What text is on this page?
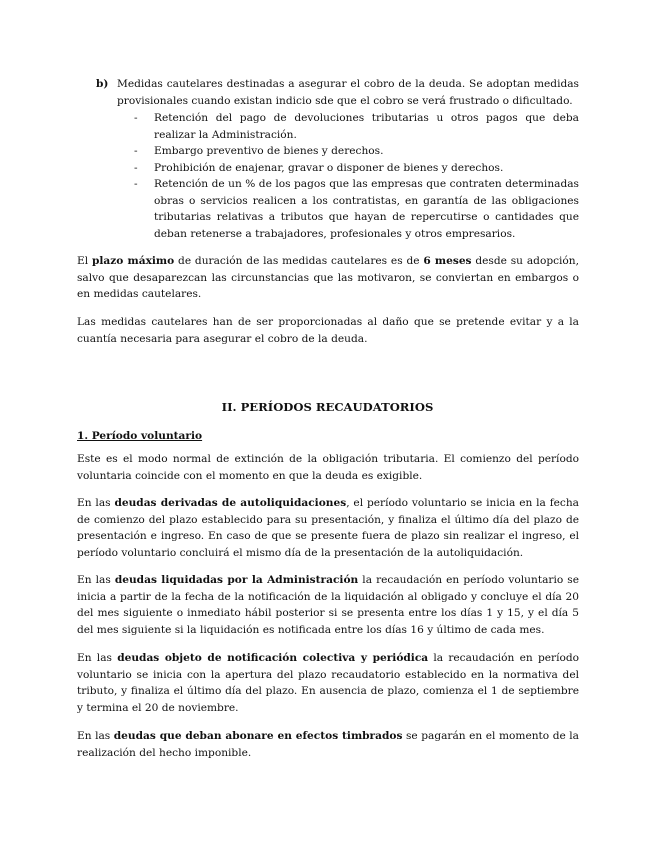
b) Medidas cautelares destinadas a asegurar el cobro de la deuda. Se adoptan medidas provisionales cuando existan indicio sde que el cobro se verá frustrado o dificultado.

- Retención del pago de devoluciones tributarias u otros pagos que deba realizar la Administración.
- Embargo preventivo de bienes y derechos.
- Prohibición de enajenar, gravar o disponer de bienes y derechos.
- Retención de un % de los pagos que las empresas que contraten determinadas obras o servicios realicen a los contratistas, en garantía de las obligaciones tributarias relativas a tributos que hayan de repercutirse o cantidades que deban retenerse a trabajadores, profesionales y otros empresarios.

El plazo máximo de duración de las medidas cautelares es de 6 meses desde su adopción, salvo que desaparezcan las circunstancias que las motivaron, se conviertan en embargos o en medidas cautelares.

Las medidas cautelares han de ser proporcionadas al daño que se pretende evitar y a la cuantía necesaria para asegurar el cobro de la deuda.

II. PERÍODOS RECAUDATORIOS
1. Período voluntario

Este es el modo normal de extinción de la obligación tributaria. El comienzo del período voluntaria coincide con el momento en que la deuda es exigible.

En las deudas derivadas de autoliquidaciones, el período voluntario se inicia en la fecha de comienzo del plazo establecido para su presentación, y finaliza el último día del plazo de presentación e ingreso. En caso de que se presente fuera de plazo sin realizar el ingreso, el período voluntario concluirá el mismo día de la presentación de la autoliquidación.

En las deudas liquidadas por la Administración la recaudación en período voluntario se inicia a partir de la fecha de la notificación de la liquidación al obligado y concluye el día 20 del mes siguiente o inmediato hábil posterior si se presenta entre los días 1 y 15, y el día 5 del mes siguiente si la liquidación es notificada entre los días 16 y último de cada mes.

En las deudas objeto de notificación colectiva y periódica la recaudación en período voluntario se inicia con la apertura del plazo recaudatorio establecido en la normativa del tributo, y finaliza el último día del plazo. En ausencia de plazo, comienza el 1 de septiembre y termina el 20 de noviembre.

En las deudas que deban abonare en efectos timbrados se pagarán en el momento de la realización del hecho imponible.
